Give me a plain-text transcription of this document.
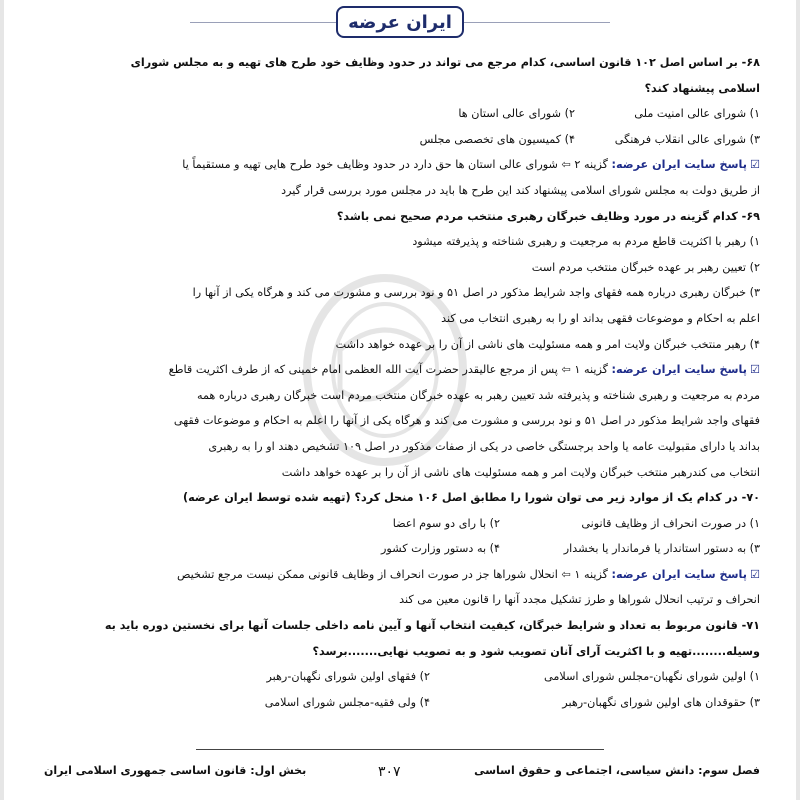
ایران عرضه
۶۸- بر اساس اصل ۱۰۲ قانون اساسی، کدام مرجع می تواند در حدود وظایف خود طرح های تهیه و به مجلس شورای
اسلامی پیشنهاد کند؟
۱) شورای عالی امنیت ملی
۲) شورای عالی استان ها
۳) شورای عالی انقلاب فرهنگی
۴) کمیسیون های تخصصی مجلس
☑پاسخ سایت ایران عرضه: گزینه ۲ ⇦ شورای عالی استان ها حق دارد در حدود وظایف خود طرح هایی تهیه و مستقیماً یا
از طریق دولت به مجلس شورای اسلامی پیشنهاد کند این طرح ها باید در مجلس مورد بررسی قرار گیرد
۶۹- کدام گزینه در مورد وظایف خبرگان رهبری منتخب مردم صحیح نمی باشد؟
۱) رهبر با اکثریت قاطع مردم به مرجعیت و رهبری شناخته و پذیرفته میشود
۲) تعیین رهبر بر عهده خبرگان منتخب مردم است
۳) خبرگان رهبری درباره همه فقهای واجد شرایط مذکور در اصل ۵۱ و نود بررسی و مشورت می کند و هرگاه یکی از آنها را
اعلم به احکام و موضوعات فقهی بداند او را به رهبری انتخاب می کند
۴) رهبر منتخب خبرگان ولایت امر و همه مسئولیت های ناشی از آن را بر عهده خواهد داشت
☑پاسخ سایت ایران عرضه: گزینه ۱ ⇦ پس از مرجع عالیقدر حضرت آیت الله العظمی امام خمینی که از طرف اکثریت قاطع
مردم به مرجعیت و رهبری شناخته و پذیرفته شد تعیین رهبر به عهده خبرگان منتخب مردم است خبرگان رهبری درباره همه
فقهای واجد شرایط مذکور در اصل ۵۱ و نود بررسی و مشورت می کند و هرگاه یکی از آنها را اعلم به احکام و موضوعات فقهی
بداند یا دارای مقبولیت عامه یا واحد برجستگی خاصی در یکی از صفات مذکور در اصل ۱۰۹ تشخیص دهند او را به رهبری
انتخاب می کندرهبر منتخب خبرگان ولایت امر و همه مسئولیت های ناشی از آن را بر عهده خواهد داشت
۷۰- در کدام یک از موارد زیر می توان شورا را مطابق اصل ۱۰۶ منحل کرد؟ (تهیه شده توسط ایران عرضه)
۱) در صورت انحراف از وظایف قانونی
۲) با رای دو سوم اعضا
۳) به دستور استاندار یا فرماندار یا بخشدار
۴) به دستور وزارت کشور
☑پاسخ سایت ایران عرضه: گزینه ۱ ⇦ انحلال شوراها جز در صورت انحراف از وظایف قانونی ممکن نیست مرجع تشخیص
انحراف و ترتیب انحلال شوراها و طرز تشکیل مجدد آنها را قانون معین می کند
۷۱- قانون مربوط به تعداد و شرایط خبرگان، کیفیت انتخاب آنها و آیین نامه داخلی جلسات آنها برای نخستین دوره باید به
وسیله........تهیه و با اکثریت آرای آنان تصویب شود و به تصویب نهایی.......برسد؟
۱) اولین شورای نگهبان-مجلس شورای اسلامی
۲) فقهای اولین شورای نگهبان-رهبر
۳) حقوقدان های اولین شورای نگهبان-رهبر
۴) ولی فقیه-مجلس شورای اسلامی
فصل سوم: دانش سیاسی، اجتماعی و حقوق اساسی
۳۰۷
بخش اول: قانون اساسی جمهوری اسلامی ایران
